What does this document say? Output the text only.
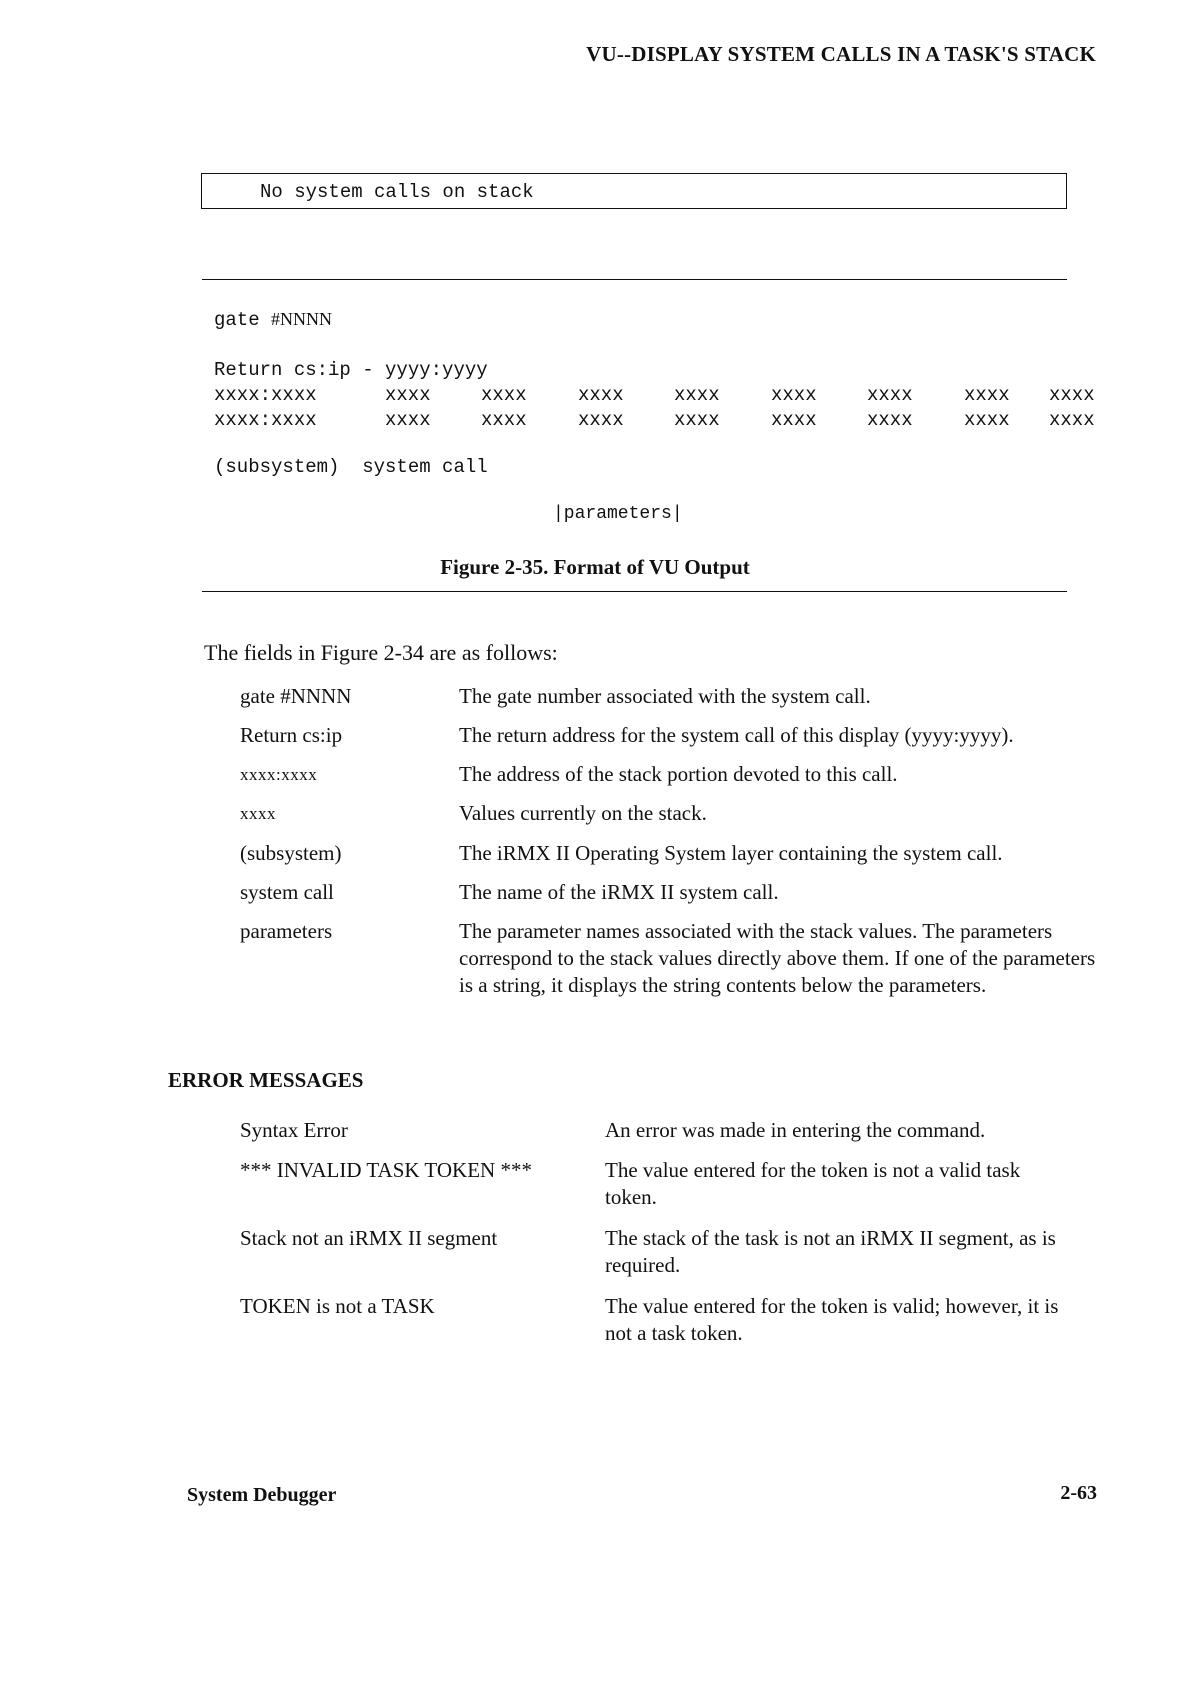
VU--DISPLAY SYSTEM CALLS IN A TASK'S STACK
No system calls on stack
gate #NNNN
Return cs:ip - yyyy:yyyy
xxxx:xxxx	xxxx	xxxx	xxxx	xxxx	xxxx	xxxx	xxxx xxxx
xxxx:xxxx	xxxx	xxxx	xxxx	xxxx	xxxx	xxxx	xxxx xxxx
(subsystem)  system call
|parameters|
Figure 2-35. Format of VU Output
The fields in Figure 2-34 are as follows:
gate #NNNN	The gate number associated with the system call.
Return cs:ip	The return address for the system call of this display (yyyy:yyyy).
xxxx:xxxx	The address of the stack portion devoted to this call.
xxxx	Values currently on the stack.
(subsystem)	The iRMX II Operating System layer containing the system call.
system call	The name of the iRMX II system call.
parameters	The parameter names associated with the stack values. The parameters correspond to the stack values directly above them. If one of the parameters is a string, it displays the string contents below the parameters.
ERROR MESSAGES
Syntax Error	An error was made in entering the command.
*** INVALID TASK TOKEN ***	The value entered for the token is not a valid task token.
Stack not an iRMX II segment	The stack of the task is not an iRMX II segment, as is required.
TOKEN is not a TASK	The value entered for the token is valid; however, it is not a task token.
System Debugger	2-63
